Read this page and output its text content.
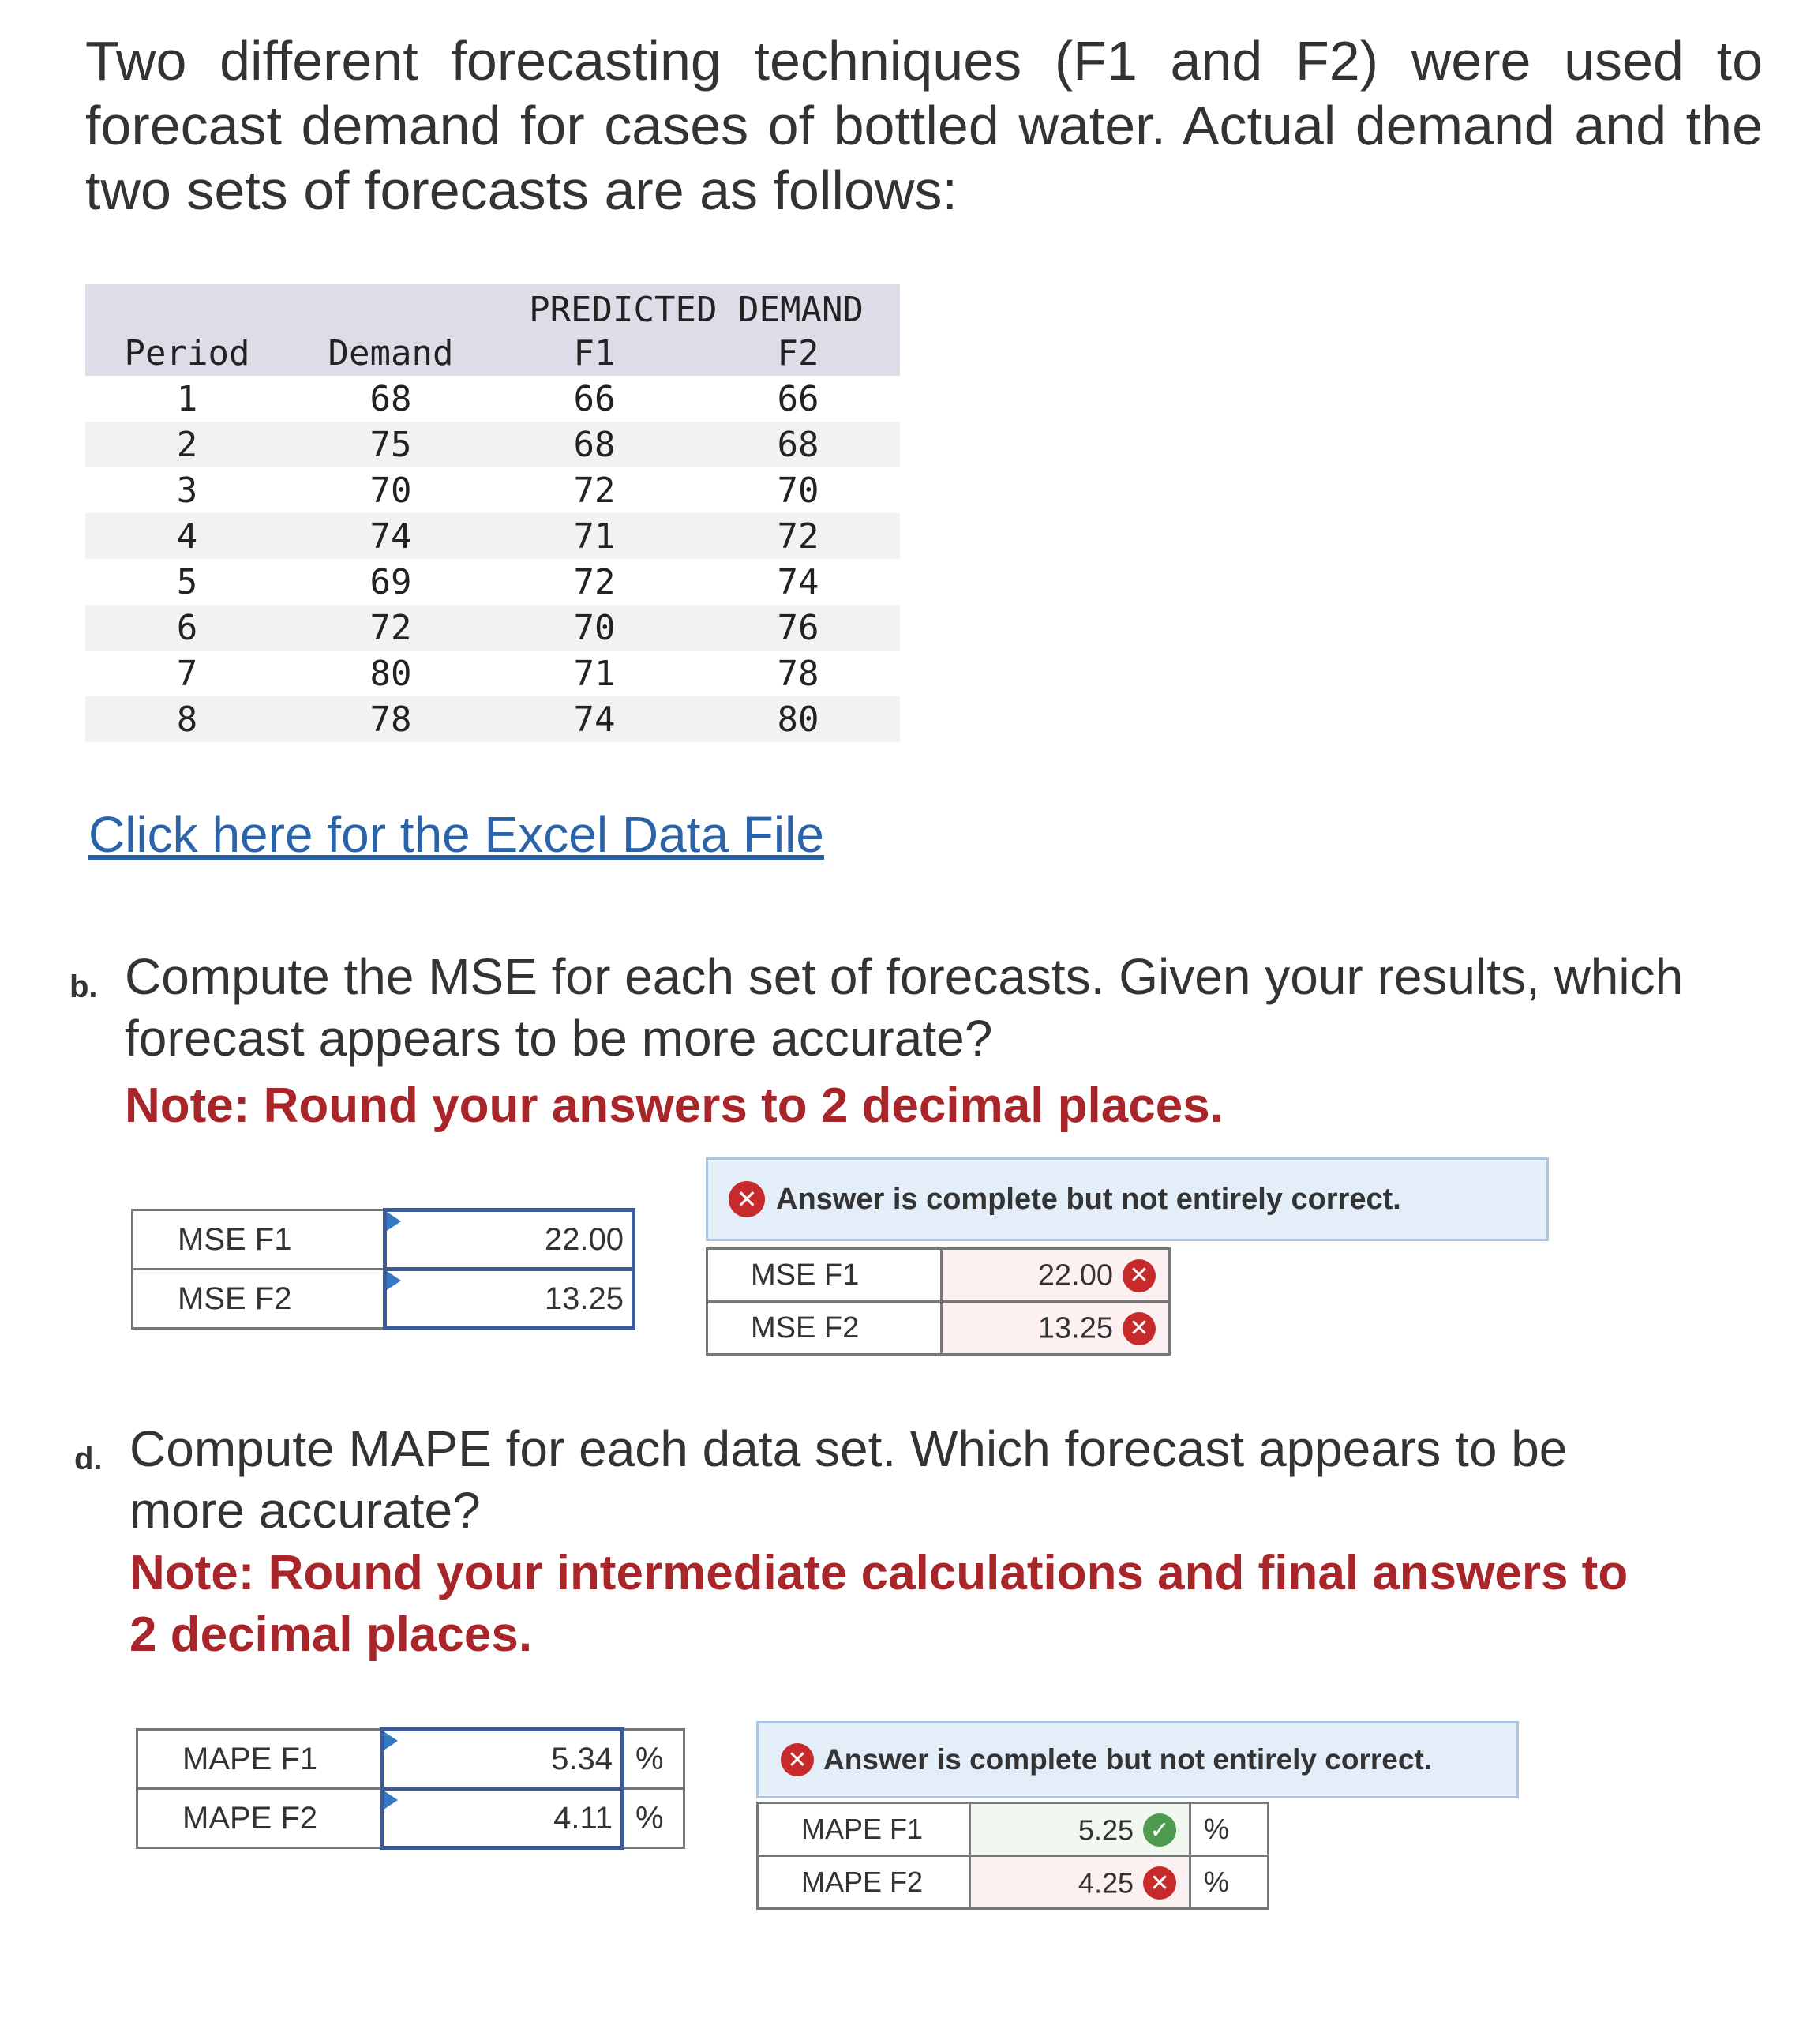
Two different forecasting techniques (F1 and F2) were used to forecast demand for cases of bottled water. Actual demand and the two sets of forecasts are as follows:
		PREDICTED DEMAND	
Period	Demand	F1	F2
1	68	66	66
2	75	68	68
3	70	72	70
4	74	71	72
5	69	72	74
6	72	70	76
7	80	71	78
8	78	74	80
Click here for the Excel Data File
b. Compute the MSE for each set of forecasts. Given your results, which forecast appears to be more accurate?
Note: Round your answers to 2 decimal places.
MSE F1	22.00
MSE F2	13.25
✕ Answer is complete but not entirely correct.
MSE F1	22.00 ✕
MSE F2	13.25 ✕
d. Compute MAPE for each data set. Which forecast appears to be more accurate?
Note: Round your intermediate calculations and final answers to 2 decimal places.
MAPE F1	5.34	%
MAPE F2	4.11	%
✕ Answer is complete but not entirely correct.
MAPE F1	5.25 ✓	%
MAPE F2	4.25 ✕	%
